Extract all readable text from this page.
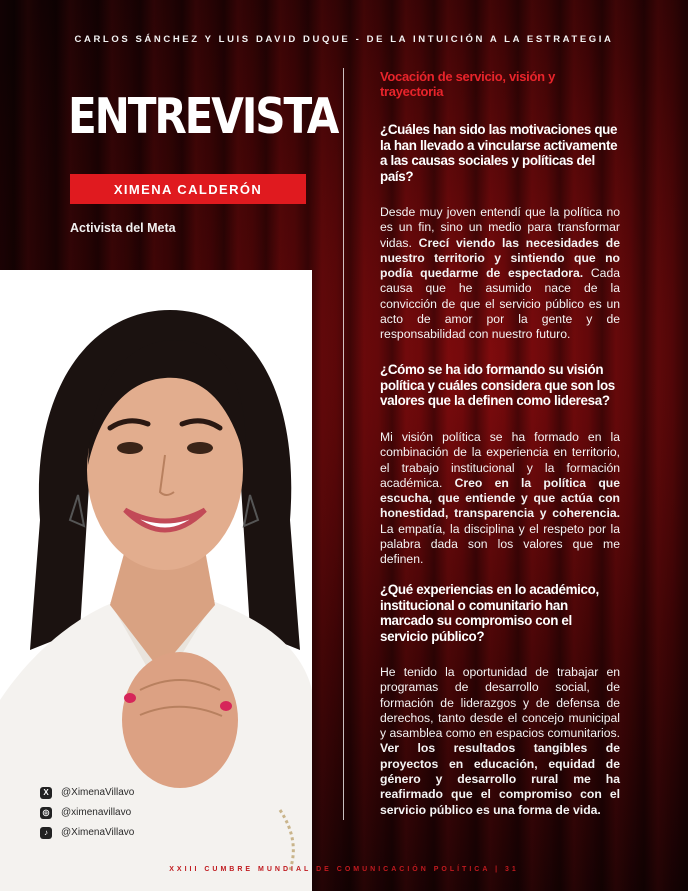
CARLOS SÁNCHEZ Y LUIS DAVID DUQUE - DE LA INTUICIÓN A LA ESTRATEGIA
ENTREVISTA
XIMENA CALDERÓN
Activista del Meta
X	@XimenaVillavo
◎ @ximenavillavo
♪	@XimenaVillavo
Vocación de servicio, visión y trayectoria
¿Cuáles han sido las motivaciones que la han llevado a vincularse activamente a las causas sociales y políticas del país?
Desde muy joven entendí que la política no es un fin, sino un medio para transformar vidas. Crecí viendo las necesidades de nuestro territorio y sintiendo que no podía quedarme de espectadora. Cada causa que he asumido nace de la convicción de que el servicio público es un acto de amor por la gente y de responsabilidad con nuestro futuro.
¿Cómo se ha ido formando su visión política y cuáles considera que son los valores que la definen como lideresa?
Mi visión política se ha formado en la combinación de la experiencia en territorio, el trabajo institucional y la formación académica. Creo en la política que escucha, que entiende y que actúa con honestidad, transparencia y coherencia. La empatía, la disciplina y el respeto por la palabra dada son los valores que me definen.
¿Qué experiencias en lo académico, institucional o comunitario han marcado su compromiso con el servicio público?
He tenido la oportunidad de trabajar en programas de desarrollo social, de formación de liderazgos y de defensa de derechos, tanto desde el concejo municipal y asamblea como en espacios comunitarios. Ver los resultados tangibles de proyectos en educación, equidad de género y desarrollo rural me ha reafirmado que el compromiso con el servicio público es una forma de vida.
XXIII CUMBRE MUNDIAL DE COMUNICACIÓN POLÍTICA | 31
